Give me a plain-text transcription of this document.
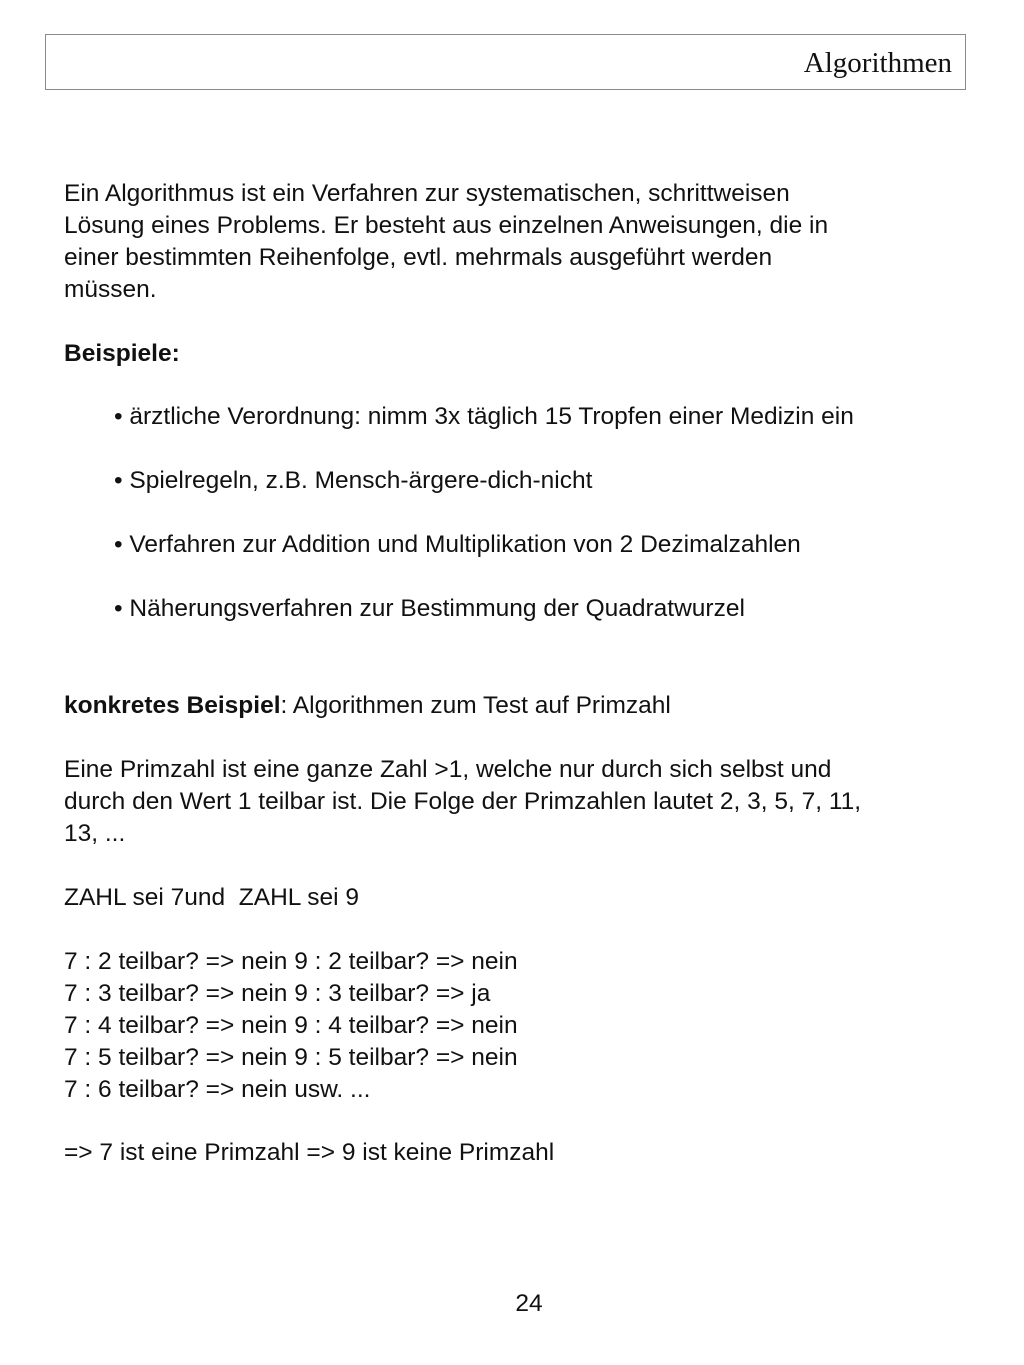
Algorithmen
Ein Algorithmus ist ein Verfahren zur systematischen, schrittweisen
Lösung eines Problems. Er besteht aus einzelnen Anweisungen, die in
einer bestimmten Reihenfolge, evtl. mehrmals ausgeführt werden
müssen.
Beispiele:
• ärztliche Verordnung: nimm 3x täglich 15 Tropfen einer Medizin ein
• Spielregeln, z.B. Mensch-ärgere-dich-nicht
• Verfahren zur Addition und Multiplikation von 2 Dezimalzahlen
• Näherungsverfahren zur Bestimmung der Quadratwurzel
konkretes Beispiel: Algorithmen zum Test auf Primzahl
Eine Primzahl ist eine ganze Zahl >1, welche nur durch sich selbst und
durch den Wert 1 teilbar ist. Die Folge der Primzahlen lautet 2, 3, 5, 7, 11,
13, ...
ZAHL sei 7und  ZAHL sei 9
7 : 2 teilbar? => nein 9 : 2 teilbar? => nein
7 : 3 teilbar? => nein 9 : 3 teilbar? => ja
7 : 4 teilbar? => nein 9 : 4 teilbar? => nein
7 : 5 teilbar? => nein 9 : 5 teilbar? => nein
7 : 6 teilbar? => nein usw. ...
=> 7 ist eine Primzahl => 9 ist keine Primzahl
24
